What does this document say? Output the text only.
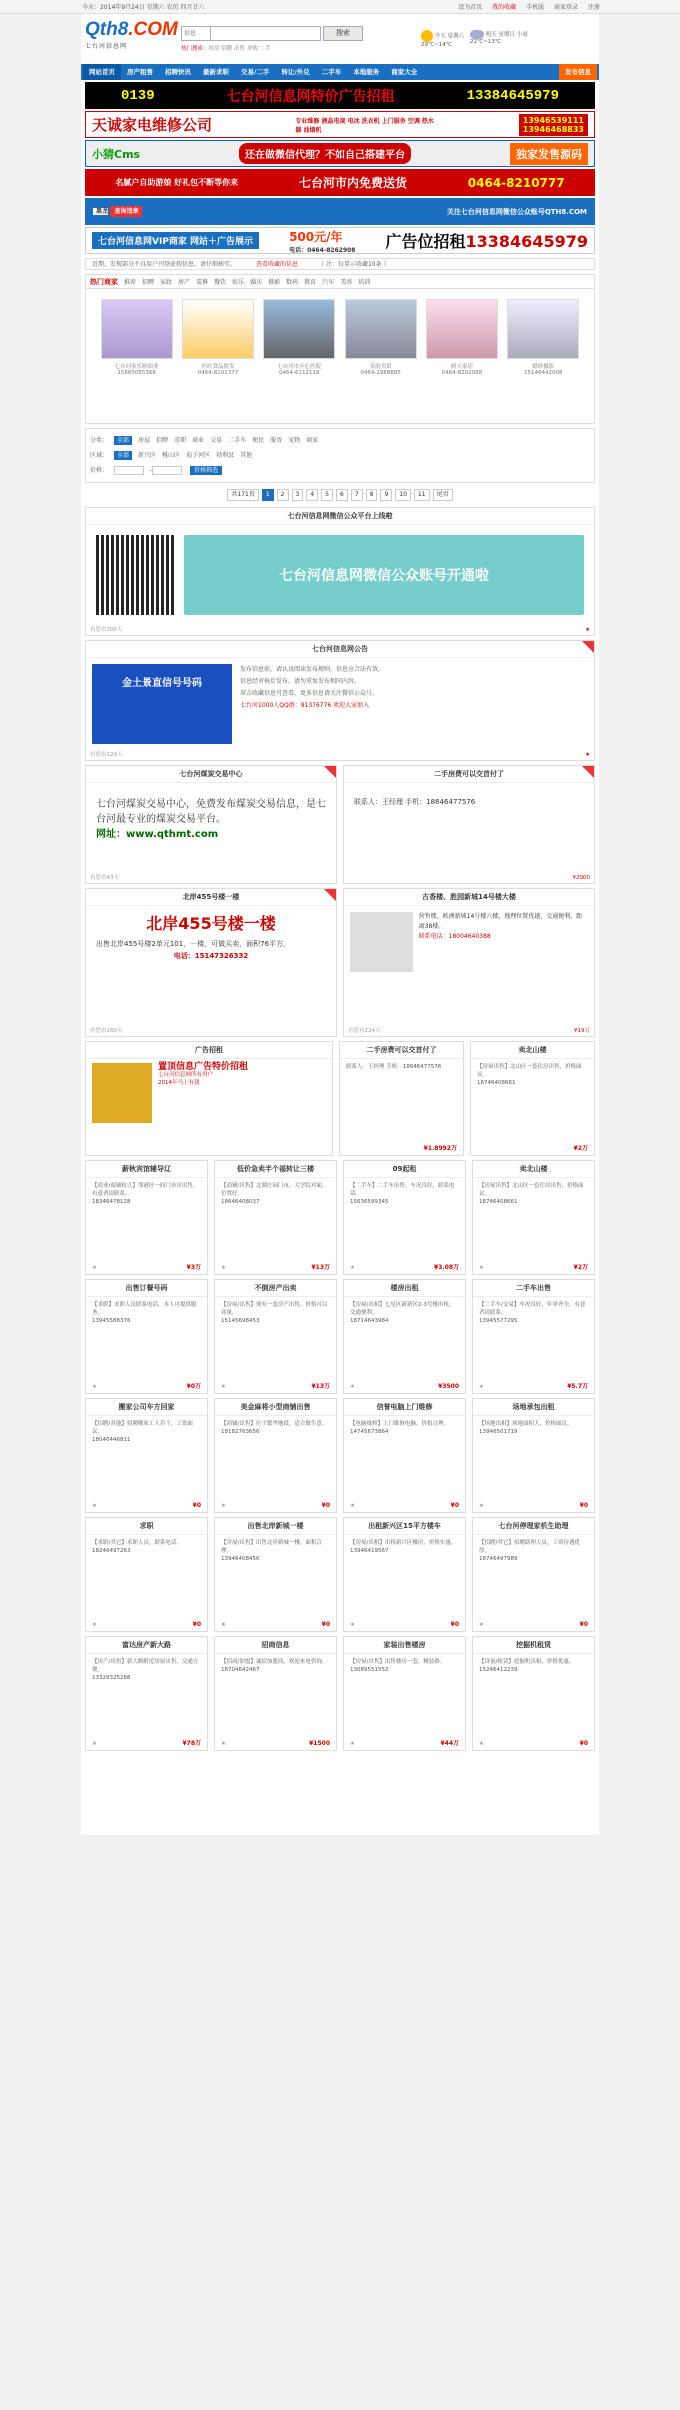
今天：2014年9月24日 星期六 农历 四月廿六	设为首页 我的收藏 手机版 商家登录 注册
Qth8.COM
七台河信息网
信息	搜索
热门搜索：租房 招聘 出售 求购 二手
今天 星期六
29℃~14℃
明天 星期日 小雨
22℃~13℃
网站首页	房产租售	招聘快讯	最新求职	交易/二手	转让/外兑	二手车	本地服务	商家大全	发布信息
0139	七台河信息网特价广告招租	13384645979
天诚家电维修公司	专业维修 液晶电视 电冰 洗衣机 上门服务 空调 热水器 油烟机
13946539111
13946468833
小猜Cms	还在做微信代理？不如自己搭建平台	独家发售源码
名腻户自助游娘 好礼包不断等你来	七台河市内免费送货	0464-8210777
黑龙 查询违章	关注七台河信息网微信公众账号QTH8.COM
七台河信息网VIP商家 网站＋广告展示	500元/年
电话：0464-8262908 广告位招租13384645979
近期，发现部分不良用户刊登虚假信息，请仔细核实。	查看收藏的信息	（ 注：仅显示收藏10条 ）
热门商家 推荐 招聘 家政 房产 装修 餐饮 娱乐 婚庆 摄影 数码 教育 汽车 美容 培训
七台河家乐鲜面业
15665055366
旺旺食品批发
0464-8101377
七台河市中心医院
0464-6112118
金雨宾馆
0464-2988885
晴天家居
0464-8202088
婚纱摄影
15146442008
分类： 全部 房屋 招聘 求职 商业 交易 二手车 便民 服务 宠物 商家
区域： 全部 新兴区 桃山区 茄子河区 勃利县 其他
价格：	-	价格筛选
共171页	1	2	3	4	5	6	7	8	9	10	11	尾页
七台河信息网微信公众平台上线啦
七台河信息网微信公众账号开通啦
看您看205天	★
七台河信息网公告
金土景直信号号码
发布信息前，请认真阅读发布规则，信息应合法有效。
信息经审核后发布，请勿重复发布相同内容。
双击收藏信息可查看，更多信息请关注微信公众号。
七台河1000人QQ群：91376776 欢迎大家加入
看您看129天	★
七台河煤炭交易中心
七台河煤炭交易中心，免费发布煤炭交易信息，是七台河最专业的煤炭交易平台。
网址：www.qthmt.com
看您看43天
二手房费可以交首付了
联系人：王经理 手机：18646477576
¥2000
北岸455号楼一楼
北岸455号楼一楼
出售北岸455号楼2单元101，一楼，可做买卖，面积76平方。
电话：15147326332
看您看160天
古香楼、胜园新城14号楼大楼
营售楼、欧洲新城14号楼六楼、地理位置优越、交通便利，距离38楼。
联系电话：18004640388
看您看224天	¥19万
广告招租
置顶信息广告特价招租
七台河信息网所有用户
2014年马上有钱
二手房费可以交首付了
联系人：王经理 手机：18646477576
¥1.8992万
卖北山楼
【房屋出售】北山区一套住房出售，价格面议。
18746408661
¥2万
薪秋宾馆辅导辽
【商业/商铺转让】邻港区一间门市房出售，有意者请联系。
18346478128
★	¥3万
低价急卖半个福转让三楼
【商铺/出售】北湖庄园门市，大学院对面，位置好。
18646408037
★	¥13万
09起租
【二手车】二手车出售，车况良好，联系电话。
15636599345
★	¥3.08万
卖北山楼
【房屋出售】北山区一套住房出售，价格面议。
18746408661
★	¥2万
出售订餐号码
【求职】求职人员联系电话，本人可提供服务。
13945588376
★	¥0万
不倒房产出卖
【房屋/出售】现有一套房产出售，价格可以商量。
15145698453
★	¥13万
楼房出租
【房屋/出租】七星区新新区2-3号楼出租，交通便利。
18714643984
★	¥3500
二手车出售
【二手车/交易】车况良好，年审齐全，有意者请联系。
13945577295
★	¥5.7万
搬家公司车方回家
【招聘/其他】招聘搬家工人若干，工资面议。
18046446811
★	¥0
美金麻将小型商铺出售
【商铺/出售】位于繁华地段，适合做生意。
18182763656
★	¥0
信誉电脑上门维修
【电脑维修】上门维修电脑，价格合理。
14745673864
★	¥0
场地承包出租
【场地出租】场地面积大，价格面议。
13946501719
★	¥0
求职
【求职/其它】求职人员，联系电话。
18246497263
★	¥0
出售北岸新城一楼
【房屋/出售】出售北岸新城一楼，面积合理。
13946408456
★	¥0
出租新兴区15平方楼车
【房屋/出租】出租新兴区楼房，价格实惠。
13946419567
★	¥0
七台河停理家机生助理
【招聘/其它】招聘助理人员，工资待遇优厚。
18746497989
★	¥0
富达房产新大路
【房产/出售】新大路附近房屋出售，交通方便。
13329325288
★	¥78万
招商信息
【招商/加盟】诚招加盟商，欢迎来电咨询。
18704642467
★	¥1500
家装出售楼房
【房屋/出售】出售楼房一套，精装修。
13089551552
★	¥44万
挖掘机租赁
【设备/租赁】挖掘机出租，价格优惠。
15246412239
★	¥0
